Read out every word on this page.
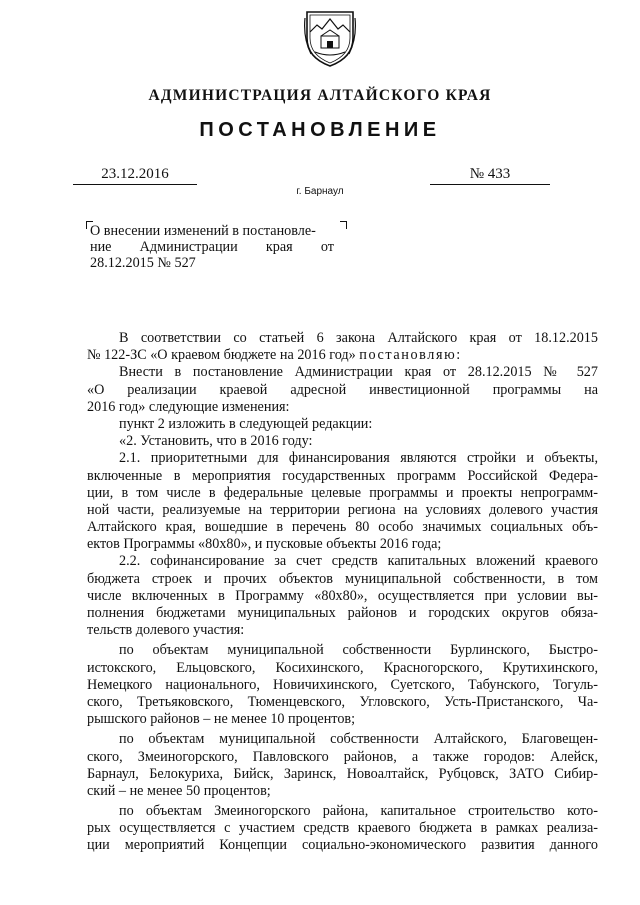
АДМИНИСТРАЦИЯ АЛТАЙСКОГО КРАЯ
ПОСТАНОВЛЕНИЕ
23.12.2016	№ 433
г. Барнаул
О внесении изменений в постановле-
ние Администрации края от
28.12.2015 № 527
В соответствии со статьей 6 закона Алтайского края от 18.12.2015
№ 122-ЗС «О краевом бюджете на 2016 год» постановляю:
Внести в постановление Администрации края от 28.12.2015 № 527
«О реализации краевой адресной инвестиционной программы на
2016 год» следующие изменения:
пункт 2 изложить в следующей редакции:
«2. Установить, что в 2016 году:
2.1. приоритетными для финансирования являются стройки и объекты,
включенные в мероприятия государственных программ Российской Федера-
ции, в том числе в федеральные целевые программы и проекты непрограмм-
ной части, реализуемые на территории региона на условиях долевого участия
Алтайского края, вошедшие в перечень 80 особо значимых социальных объ-
ектов Программы «80х80», и пусковые объекты 2016 года;
2.2. софинансирование за счет средств капитальных вложений краевого
бюджета строек и прочих объектов муниципальной собственности, в том
числе включенных в Программу «80х80», осуществляется при условии вы-
полнения бюджетами муниципальных районов и городских округов обяза-
тельств долевого участия:
по объектам муниципальной собственности Бурлинского, Быстро-
истокского, Ельцовского, Косихинского, Красногорского, Крутихинского,
Немецкого национального, Новичихинского, Суетского, Табунского, Тогуль-
ского, Третьяковского, Тюменцевского, Угловского, Усть-Пристанского, Ча-
рышского районов – не менее 10 процентов;
по объектам муниципальной собственности Алтайского, Благовещен-
ского, Змеиногорского, Павловского районов, а также городов: Алейск,
Барнаул, Белокуриха, Бийск, Заринск, Новоалтайск, Рубцовск, ЗАТО Сибир-
ский – не менее 50 процентов;
по объектам Змеиногорского района, капитальное строительство кото-
рых осуществляется с участием средств краевого бюджета в рамках реализа-
ции мероприятий Концепции социально-экономического развития данного
